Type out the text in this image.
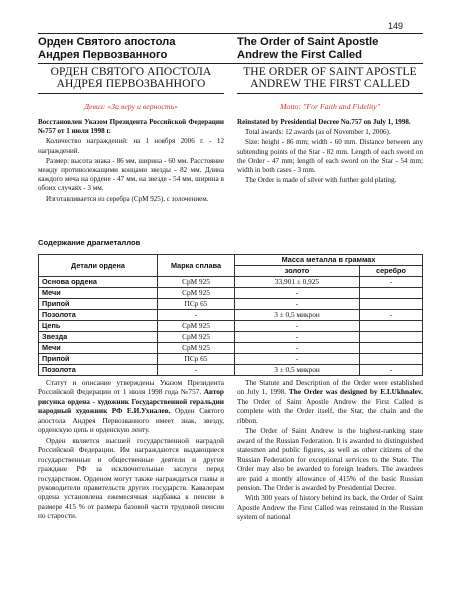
149
Орден Святого апостола
Андрея Первозванного
The Order of Saint Apostle
Andrew the First Called
ОРДЕН СВЯТОГО АПОСТОЛА
АНДРЕЯ ПЕРВОЗВАННОГО
Девиз: «За веру и верность»

Восстановлен Указом Президента Российской Федерации №757 от 1 июля 1998 г.

Количество награждений: на 1 ноября 2006 г. - 12 награждений.

Размер: высота знака - 86 мм, ширина - 60 мм. Расстояние между противолежащими концами звезды - 82 мм. Длина каждого меча на ордене - 47 мм, на звезде - 54 мм, ширина в обоих случаях - 3 мм.

Изготавливается из серебра (СрМ 925), с золочением.

THE ORDER OF SAINT APOSTLE
ANDREW THE FIRST CALLED
Motto: "For Faith and Fidelity"

Reinstated by Presidential Decree No.757 on July 1, 1998.

Total awards: 12 awards (as of November 1, 2006).

Size: height - 86 mm; width - 60 mm. Distance between any subtending points of the Star - 82 mm. Length of each sword on the Order - 47 mm; length of each sword on the Star - 54 mm; width in both cases - 3 mm.

The Order is made of silver with further gold plating.

Содержание драгметаллов
Детали ордена	Марка сплава	Масса металла в граммах	
		золото	серебро
Основа ордена	СрМ 925	33,901 ± 0,925	-
Мечи	СрМ 925	-	
Припой	ПСр 65	-	
Позолота	-	3 ± 0,5 микрон	-
Цепь	СрМ 925	-	
Звезда	СрМ 925	-	
Мечи	СрМ 925	-	
Припой	ПСр 65	-	
Позолота	-	3 ± 0,5 микрон	-

Статут и описание утверждены Указом Президента Российской Федерации от 1 июля 1998 года №757. Автор рисунка ордена - художник Государственной геральдии народный художник РФ Е.И.Ухналев. Орден Святого апостола Андрея Первозванного имеет знак, звезду, орденскую цепь и орденскую ленту.

Орден является высшей государственной наградой Российской Федерации. Им награждаются выдающиеся государственные и общественные деятели и другие граждане РФ за исключительные заслуги перед государством. Орденом могут также награждаться главы и руководители правительств других государств. Кавалерам ордена установлена ежемесячная надбавка к пенсии в размере 415 % от размера базовой части трудовой пенсии по старости.

The Statute and Description of the Order were established on July 1, 1998. The Order was designed by E.I.Ukhnalev. The Order of Saint Apostle Andrew the First Called is complete with the Order itself, the Star, the chain and the ribbon.

The Order of Saint Andrew is the highest-ranking state award of the Russian Federation. It is awarded to distinguished statesmen and public figures, as well as other citizens of the Russian Federation for exceptional services to the State. The Order may also be awarded to foreign leaders. The awardees are paid a montly allowance of 415% of the basic Russian pension. The Order is awarded by Presidential Decree.

With 300 years of history behind its back, the Order of Saint Apostle Andrew the First Called was reinstated in the Russian system of national
